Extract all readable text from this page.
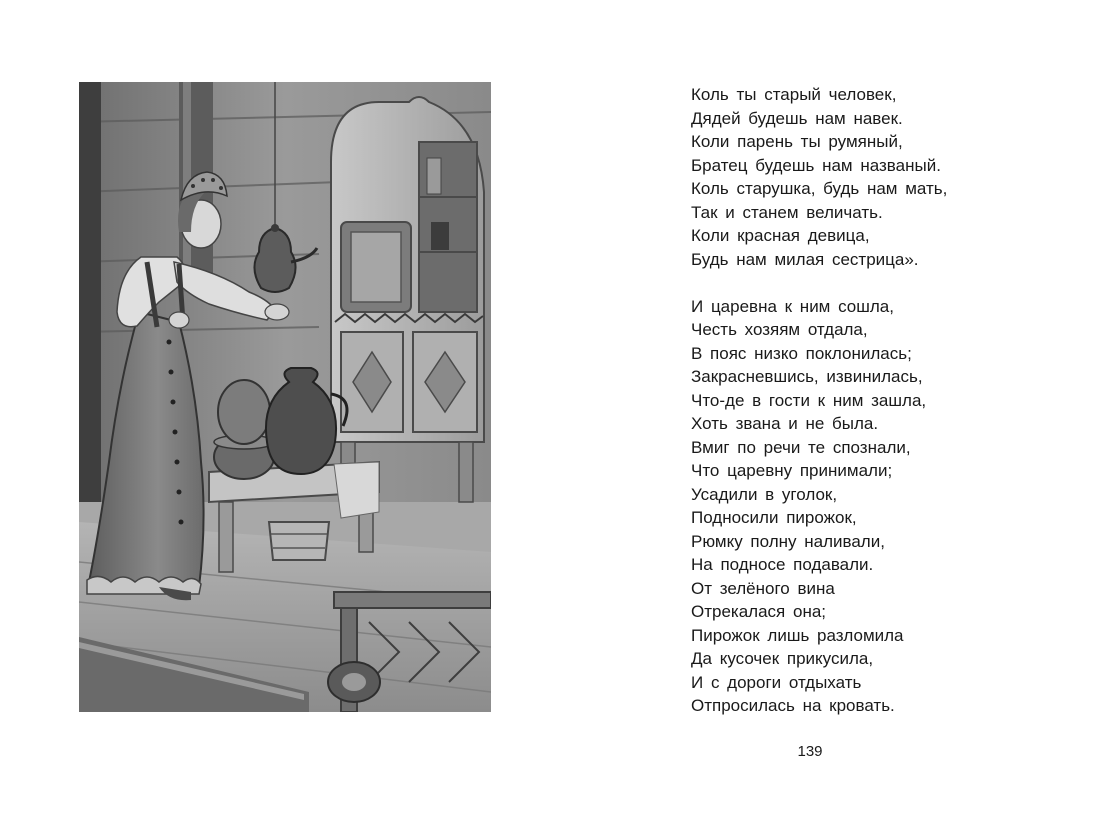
Коль ты старый человек,
Дядей будешь нам навек.
Коли парень ты румяный,
Братец будешь нам названый.
Коль старушка, будь нам мать,
Так и станем величать.
Коли красная девица,
Будь нам милая сестрица».

И царевна к ним сошла,
Честь хозяям отдала,
В пояс низко поклонилась;
Закрасневшись, извинилась,
Что-де в гости к ним зашла,
Хоть звана и не была.
Вмиг по речи те спознали,
Что царевну принимали;
Усадили в уголок,
Подносили пирожок,
Рюмку полну наливали,
На подносе подавали.
От зелёного вина
Отрекалася она;
Пирожок лишь разломила
Да кусочек прикусила,
И с дороги отдыхать
Отпросилась на кровать.

139
